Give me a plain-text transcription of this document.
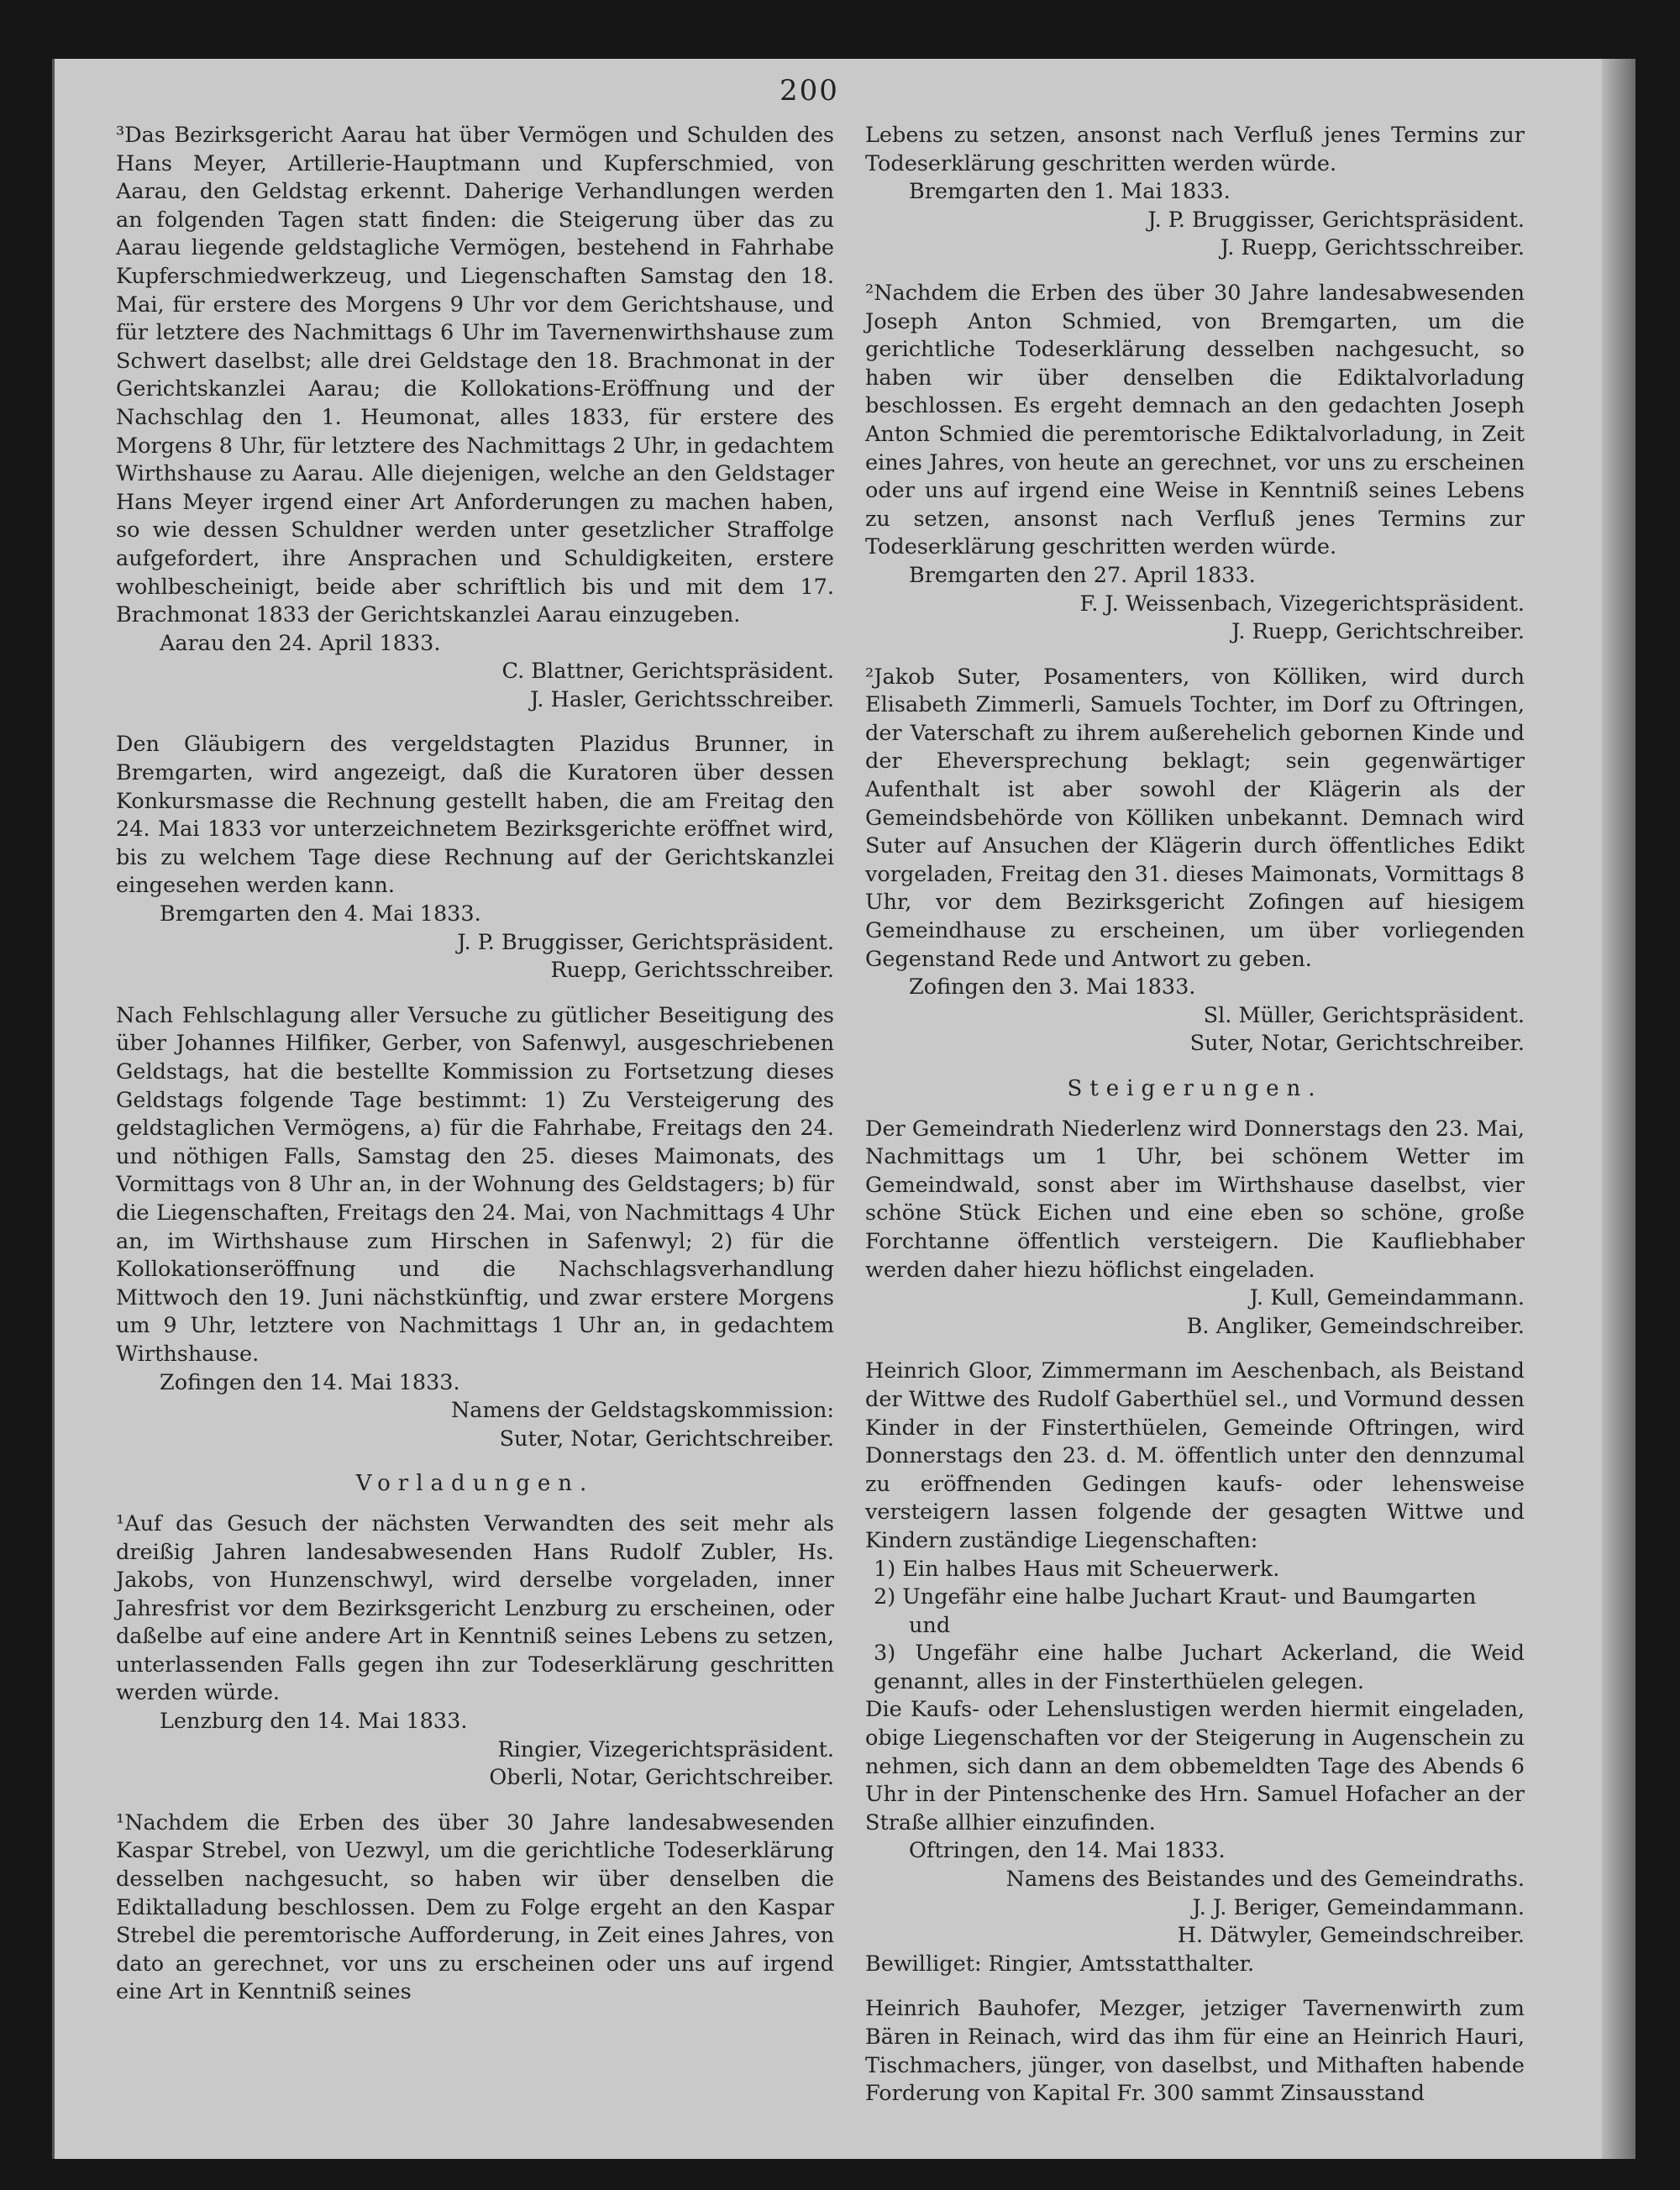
200

³Das Bezirksgericht Aarau hat über Vermögen und Schulden des Hans Meyer, Artillerie-Hauptmann und Kupferschmied, von Aarau, den Geldstag erkennt. Daherige Verhandlungen werden an folgenden Tagen statt finden: die Steigerung über das zu Aarau liegende geldstagliche Vermögen, bestehend in Fahrhabe Kupferschmiedwerkzeug, und Liegenschaften Samstag den 18. Mai, für erstere des Morgens 9 Uhr vor dem Gerichtshause, und für letztere des Nachmittags 6 Uhr im Tavernenwirthshause zum Schwert daselbst; alle drei Geldstage den 18. Brachmonat in der Gerichtskanzlei Aarau; die Kollokations-Eröffnung und der Nachschlag den 1. Heumonat, alles 1833, für erstere des Morgens 8 Uhr, für letztere des Nachmittags 2 Uhr, in gedachtem Wirthshause zu Aarau. Alle diejenigen, welche an den Geldstager Hans Meyer irgend einer Art Anforderungen zu machen haben, so wie dessen Schuldner werden unter gesetzlicher Straffolge aufgefordert, ihre Ansprachen und Schuldigkeiten, erstere wohlbescheinigt, beide aber schriftlich bis und mit dem 17. Brachmonat 1833 der Gerichtskanzlei Aarau einzugeben.

Aarau den 24. April 1833.

C. Blattner, Gerichtspräsident.

J. Hasler, Gerichtsschreiber.

Den Gläubigern des vergeldstagten Plazidus Brunner, in Bremgarten, wird angezeigt, daß die Kuratoren über dessen Konkursmasse die Rechnung gestellt haben, die am Freitag den 24. Mai 1833 vor unterzeichnetem Bezirksgerichte eröffnet wird, bis zu welchem Tage diese Rechnung auf der Gerichtskanzlei eingesehen werden kann.

Bremgarten den 4. Mai 1833.

J. P. Bruggisser, Gerichtspräsident.

Ruepp, Gerichtsschreiber.

Nach Fehlschlagung aller Versuche zu gütlicher Beseitigung des über Johannes Hilfiker, Gerber, von Safenwyl, ausgeschriebenen Geldstags, hat die bestellte Kommission zu Fortsetzung dieses Geldstags folgende Tage bestimmt: 1) Zu Versteigerung des geldstaglichen Vermögens, a) für die Fahrhabe, Freitags den 24. und nöthigen Falls, Samstag den 25. dieses Maimonats, des Vormittags von 8 Uhr an, in der Wohnung des Geldstagers; b) für die Liegenschaften, Freitags den 24. Mai, von Nachmittags 4 Uhr an, im Wirthshause zum Hirschen in Safenwyl; 2) für die Kollokationseröffnung und die Nachschlagsverhandlung Mittwoch den 19. Juni nächstkünftig, und zwar erstere Morgens um 9 Uhr, letztere von Nachmittags 1 Uhr an, in gedachtem Wirthshause.

Zofingen den 14. Mai 1833.

Namens der Geldstagskommission:

Suter, Notar, Gerichtschreiber.

Vorladungen.

¹Auf das Gesuch der nächsten Verwandten des seit mehr als dreißig Jahren landesabwesenden Hans Rudolf Zubler, Hs. Jakobs, von Hunzenschwyl, wird derselbe vorgeladen, inner Jahresfrist vor dem Bezirksgericht Lenzburg zu erscheinen, oder daßelbe auf eine andere Art in Kenntniß seines Lebens zu setzen, unterlassenden Falls gegen ihn zur Todeserklärung geschritten werden würde.

Lenzburg den 14. Mai 1833.

Ringier, Vizegerichtspräsident.

Oberli, Notar, Gerichtschreiber.

¹Nachdem die Erben des über 30 Jahre landesabwesenden Kaspar Strebel, von Uezwyl, um die gerichtliche Todeserklärung desselben nachgesucht, so haben wir über denselben die Ediktalladung beschlossen. Dem zu Folge ergeht an den Kaspar Strebel die peremtorische Aufforderung, in Zeit eines Jahres, von dato an gerechnet, vor uns zu erscheinen oder uns auf irgend eine Art in Kenntniß seines

Lebens zu setzen, ansonst nach Verfluß jenes Termins zur Todeserklärung geschritten werden würde.

Bremgarten den 1. Mai 1833.

J. P. Bruggisser, Gerichtspräsident.

J. Ruepp, Gerichtsschreiber.

²Nachdem die Erben des über 30 Jahre landesabwesenden Joseph Anton Schmied, von Bremgarten, um die gerichtliche Todeserklärung desselben nachgesucht, so haben wir über denselben die Ediktalvorladung beschlossen. Es ergeht demnach an den gedachten Joseph Anton Schmied die peremtorische Ediktalvorladung, in Zeit eines Jahres, von heute an gerechnet, vor uns zu erscheinen oder uns auf irgend eine Weise in Kenntniß seines Lebens zu setzen, ansonst nach Verfluß jenes Termins zur Todeserklärung geschritten werden würde.

Bremgarten den 27. April 1833.

F. J. Weissenbach, Vizegerichtspräsident.

J. Ruepp, Gerichtschreiber.

²Jakob Suter, Posamenters, von Kölliken, wird durch Elisabeth Zimmerli, Samuels Tochter, im Dorf zu Oftringen, der Vaterschaft zu ihrem außerehelich gebornen Kinde und der Eheversprechung beklagt; sein gegenwärtiger Aufenthalt ist aber sowohl der Klägerin als der Gemeindsbehörde von Kölliken unbekannt. Demnach wird Suter auf Ansuchen der Klägerin durch öffentliches Edikt vorgeladen, Freitag den 31. dieses Maimonats, Vormittags 8 Uhr, vor dem Bezirksgericht Zofingen auf hiesigem Gemeindhause zu erscheinen, um über vorliegenden Gegenstand Rede und Antwort zu geben.

Zofingen den 3. Mai 1833.

Sl. Müller, Gerichtspräsident.

Suter, Notar, Gerichtschreiber.

Steigerungen.

Der Gemeindrath Niederlenz wird Donnerstags den 23. Mai, Nachmittags um 1 Uhr, bei schönem Wetter im Gemeindwald, sonst aber im Wirthshause daselbst, vier schöne Stück Eichen und eine eben so schöne, große Forchtanne öffentlich versteigern. Die Kaufliebhaber werden daher hiezu höflichst eingeladen.

J. Kull, Gemeindammann.

B. Angliker, Gemeindschreiber.

Heinrich Gloor, Zimmermann im Aeschenbach, als Beistand der Wittwe des Rudolf Gaberthüel sel., und Vormund dessen Kinder in der Finsterthüelen, Gemeinde Oftringen, wird Donnerstags den 23. d. M. öffentlich unter den dennzumal zu eröffnenden Gedingen kaufs- oder lehensweise versteigern lassen folgende der gesagten Wittwe und Kindern zuständige Liegenschaften:

1) Ein halbes Haus mit Scheuerwerk.

2) Ungefähr eine halbe Juchart Kraut- und Baumgarten

und

3) Ungefähr eine halbe Juchart Ackerland, die Weid genannt, alles in der Finsterthüelen gelegen.

Die Kaufs- oder Lehenslustigen werden hiermit eingeladen, obige Liegenschaften vor der Steigerung in Augenschein zu nehmen, sich dann an dem obbemeldten Tage des Abends 6 Uhr in der Pintenschenke des Hrn. Samuel Hofacher an der Straße allhier einzufinden.

Oftringen, den 14. Mai 1833.

Namens des Beistandes und des Gemeindraths.

J. J. Beriger, Gemeindammann.

H. Dätwyler, Gemeindschreiber.

Bewilliget: Ringier, Amtsstatthalter.

Heinrich Bauhofer, Mezger, jetziger Tavernenwirth zum Bären in Reinach, wird das ihm für eine an Heinrich Hauri, Tischmachers, jünger, von daselbst, und Mithaften habende Forderung von Kapital Fr. 300 sammt Zinsausstand
